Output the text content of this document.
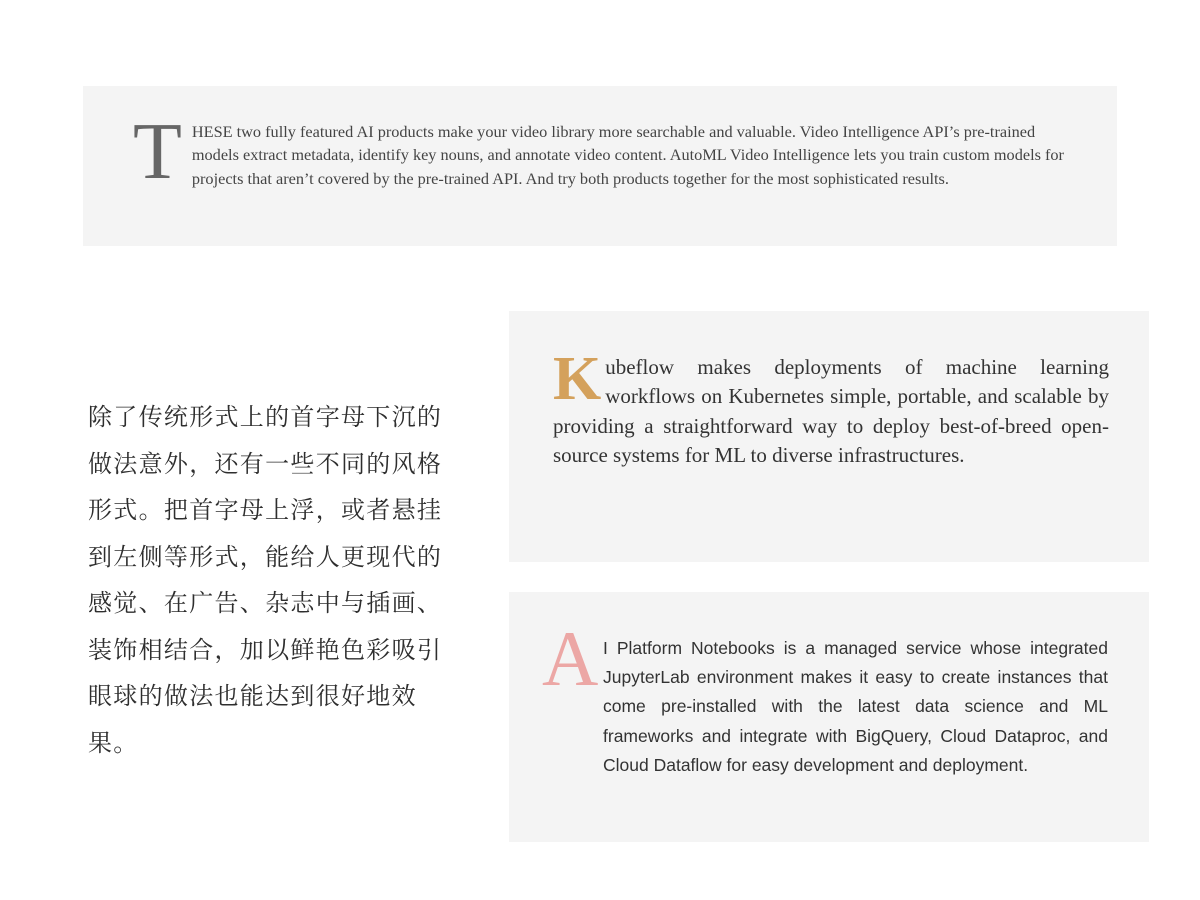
THESE two fully featured AI products make your video library more searchable and valuable. Video Intelligence API’s pre-trained models extract metadata, identify key nouns, and annotate video content. AutoML Video Intelligence lets you train custom models for projects that aren’t covered by the pre-trained API. And try both products together for the most sophisticated results.
除了传统形式上的首字母下沉的做法意外，还有一些不同的风格形式。把首字母上浮，或者悬挂到左侧等形式，能给人更现代的感觉、在广告、杂志中与插画、装饰相结合，加以鲜艳色彩吸引眼球的做法也能达到很好地效果。
Kubeflow makes deployments of machine learning workflows on Kubernetes simple, portable, and scalable by providing a straightforward way to deploy best-of-breed open-source systems for ML to diverse infrastructures.
A I Platform Notebooks is a managed service whose integrated JupyterLab environment makes it easy to create instances that come pre-installed with the latest data science and ML frameworks and integrate with BigQuery, Cloud Dataproc, and Cloud Dataflow for easy development and deployment.
